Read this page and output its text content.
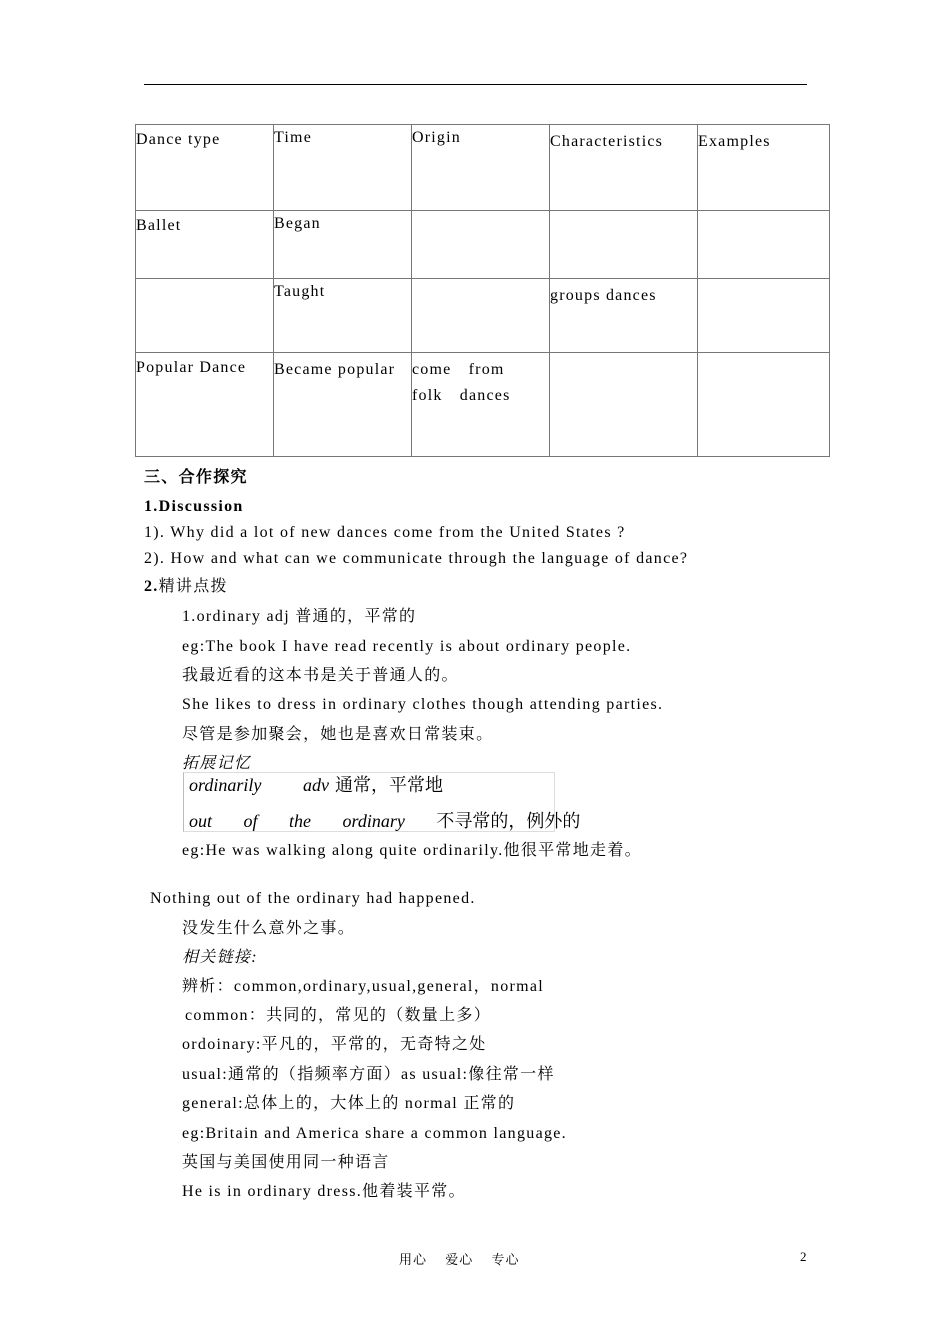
Dance type	Time	Origin	Characteristics	Examples
Ballet	Began			
	Taught		groups dances	
Popular Dance	Became popular	come from folk dances		
三、合作探究
1.Discussion
1). Why did a lot of new dances come from the United States ?
2). How and what can we communicate through the language of dance?
2.精讲点拨
1.ordinary adj 普通的，平常的
eg:The book I have read recently is about ordinary people.
我最近看的这本书是关于普通人的。
She likes to dress in ordinary clothes though attending parties.
尽管是参加聚会，她也是喜欢日常装束。
拓展记忆
ordinarily adv 通常，平常地
out of the ordinary 不寻常的，例外的
eg:He was walking along quite ordinarily.他很平常地走着。
Nothing out of the ordinary had happened.
没发生什么意外之事。
相关链接:
辨析：common,ordinary,usual,general，normal
common：共同的，常见的（数量上多）
ordoinary:平凡的，平常的，无奇特之处
usual:通常的（指频率方面）as usual:像往常一样
general:总体上的，大体上的 normal 正常的
eg:Britain and America share a common language.
英国与美国使用同一种语言
He is in ordinary dress.他着装平常。
用心 爱心 专心	2
